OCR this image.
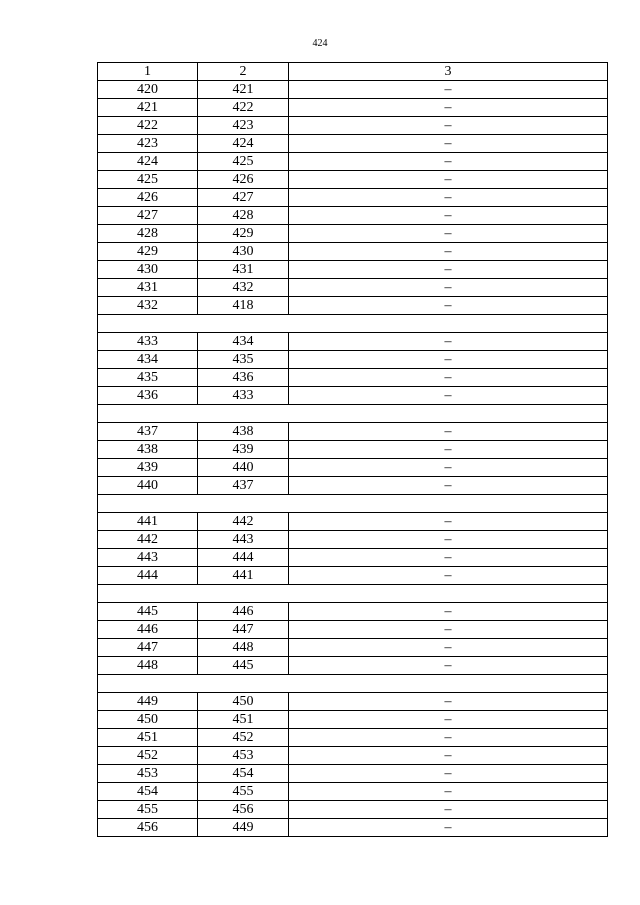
424
1	2	3
420	421	–
421	422	–
422	423	–
423	424	–
424	425	–
425	426	–
426	427	–
427	428	–
428	429	–
429	430	–
430	431	–
431	432	–
432	418	–

433	434	–
434	435	–
435	436	–
436	433	–

437	438	–
438	439	–
439	440	–
440	437	–

441	442	–
442	443	–
443	444	–
444	441	–

445	446	–
446	447	–
447	448	–
448	445	–

449	450	–
450	451	–
451	452	–
452	453	–
453	454	–
454	455	–
455	456	–
456	449	–
